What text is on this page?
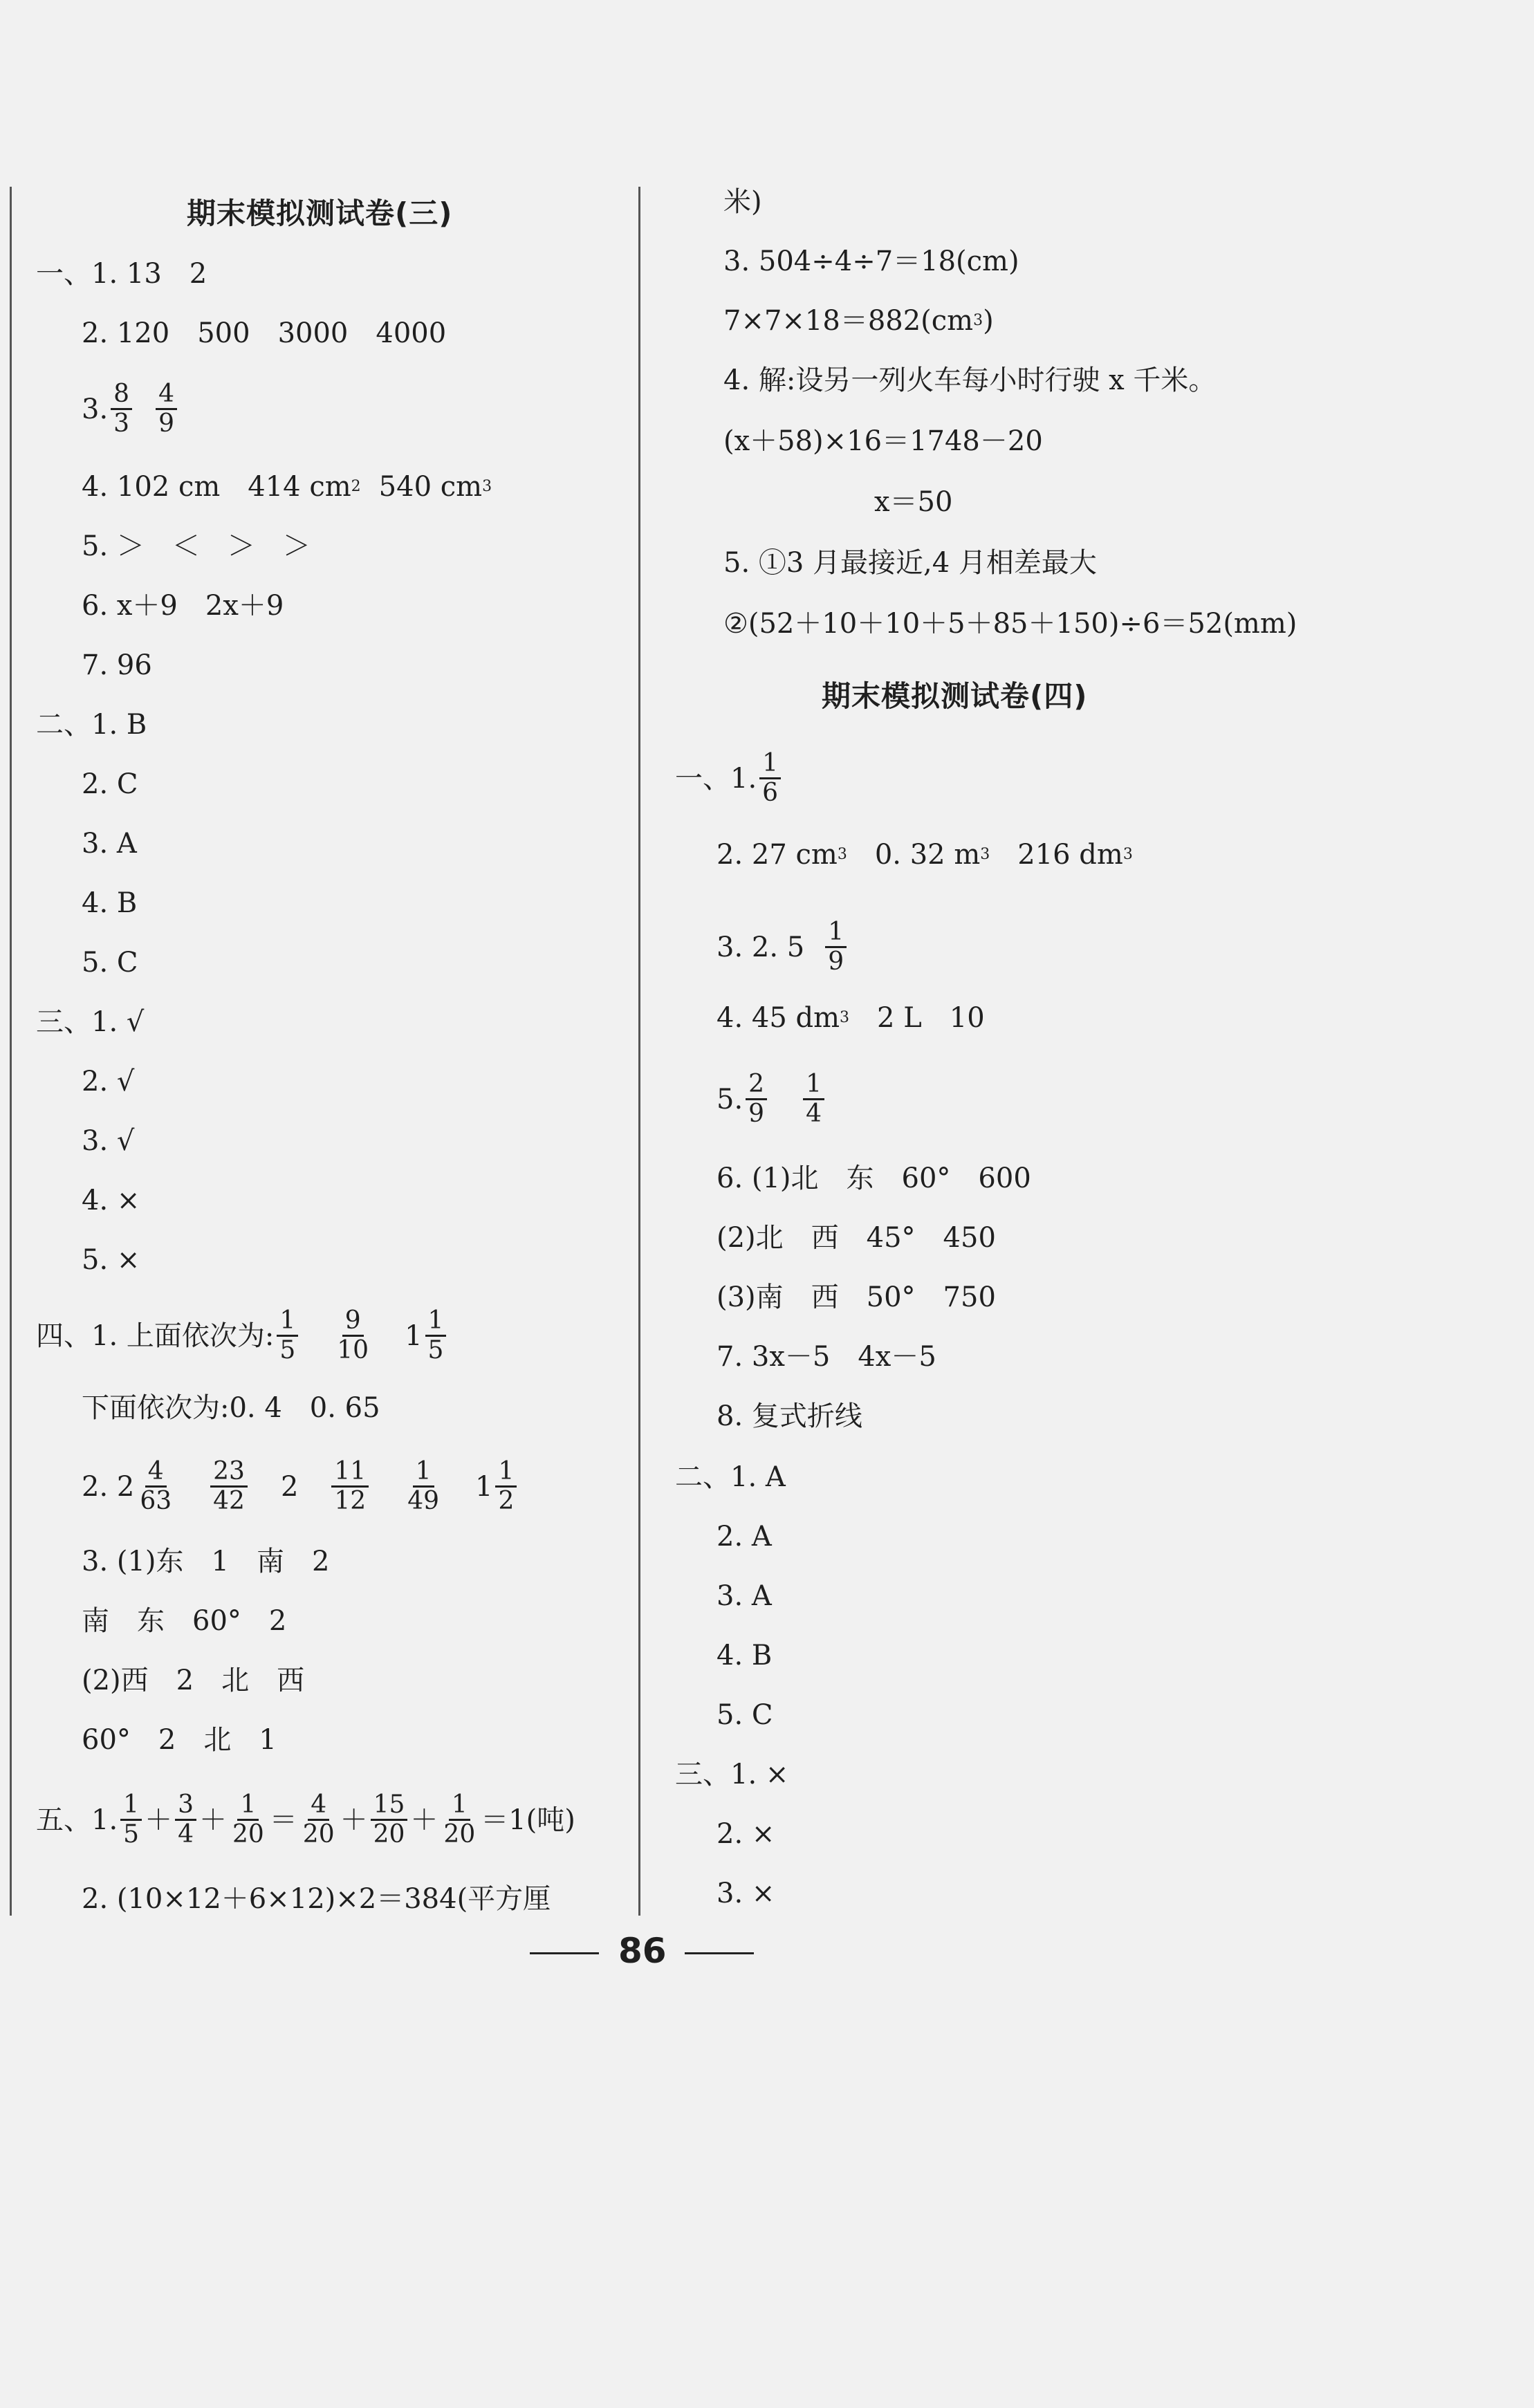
期末模拟测试卷(三)
一、1. 13　2
2. 120　500　3000　4000
3. $\frac{8}{3} \frac{4}{9}$
4. 102 cm　414 cm 2 540 cm 3
5. ＞　＜　＞　＞
6. x＋9　2x＋9
7. 96
二、1. B
2. C
3. A
4. B
5. C
三、1. √
2. √
3. √
4. ×
5. ×
四、1. 上面依次为: $\frac{1}{5} \frac{9}{10} 1 \frac{1}{5}$
下面依次为:0. 4　0. 65
2. $2 \frac{4}{63} \frac{23}{42} 2 \frac{11}{12} \frac{1}{49} 1 \frac{1}{2}$
3. (1)东　1　南　2
南　东　60°　2
(2)西　2　北　西
60°　2　北　1
五、1. $\frac{1}{5} + \frac{3}{4} + \frac{1}{20} = \frac{4}{20} + \frac{15}{20} + \frac{1}{20} =1$(吨)
2. (10×12＋6×12)×2＝384(平方厘
米)
3. 504÷4÷7＝18(cm)
7×7×18＝882(cm 3 )
4. 解:设另一列火车每小时行驶 x 千米。
(x＋58)×16＝1748－20
x＝50
5. ①3 月最接近,4 月相差最大
②(52＋10＋10＋5＋85＋150)÷6＝52(mm)
期末模拟测试卷(四)
一、1. $\frac{1}{6}$
2. 27 cm 3 　0. 32 m 3 　216 dm 3
3. 2. $5 \frac{1}{9}$
4. 45 dm 3 　2 L　10
5. $\frac{2}{9} \frac{1}{4}$
6. (1)北　东　60°　600
(2)北　西　45°　450
(3)南　西　50°　750
7. 3x－5　4x－5
8. 复式折线
二、1. A
2. A
3. A
4. B
5. C
三、1. ×
2. ×
3. ×
86
